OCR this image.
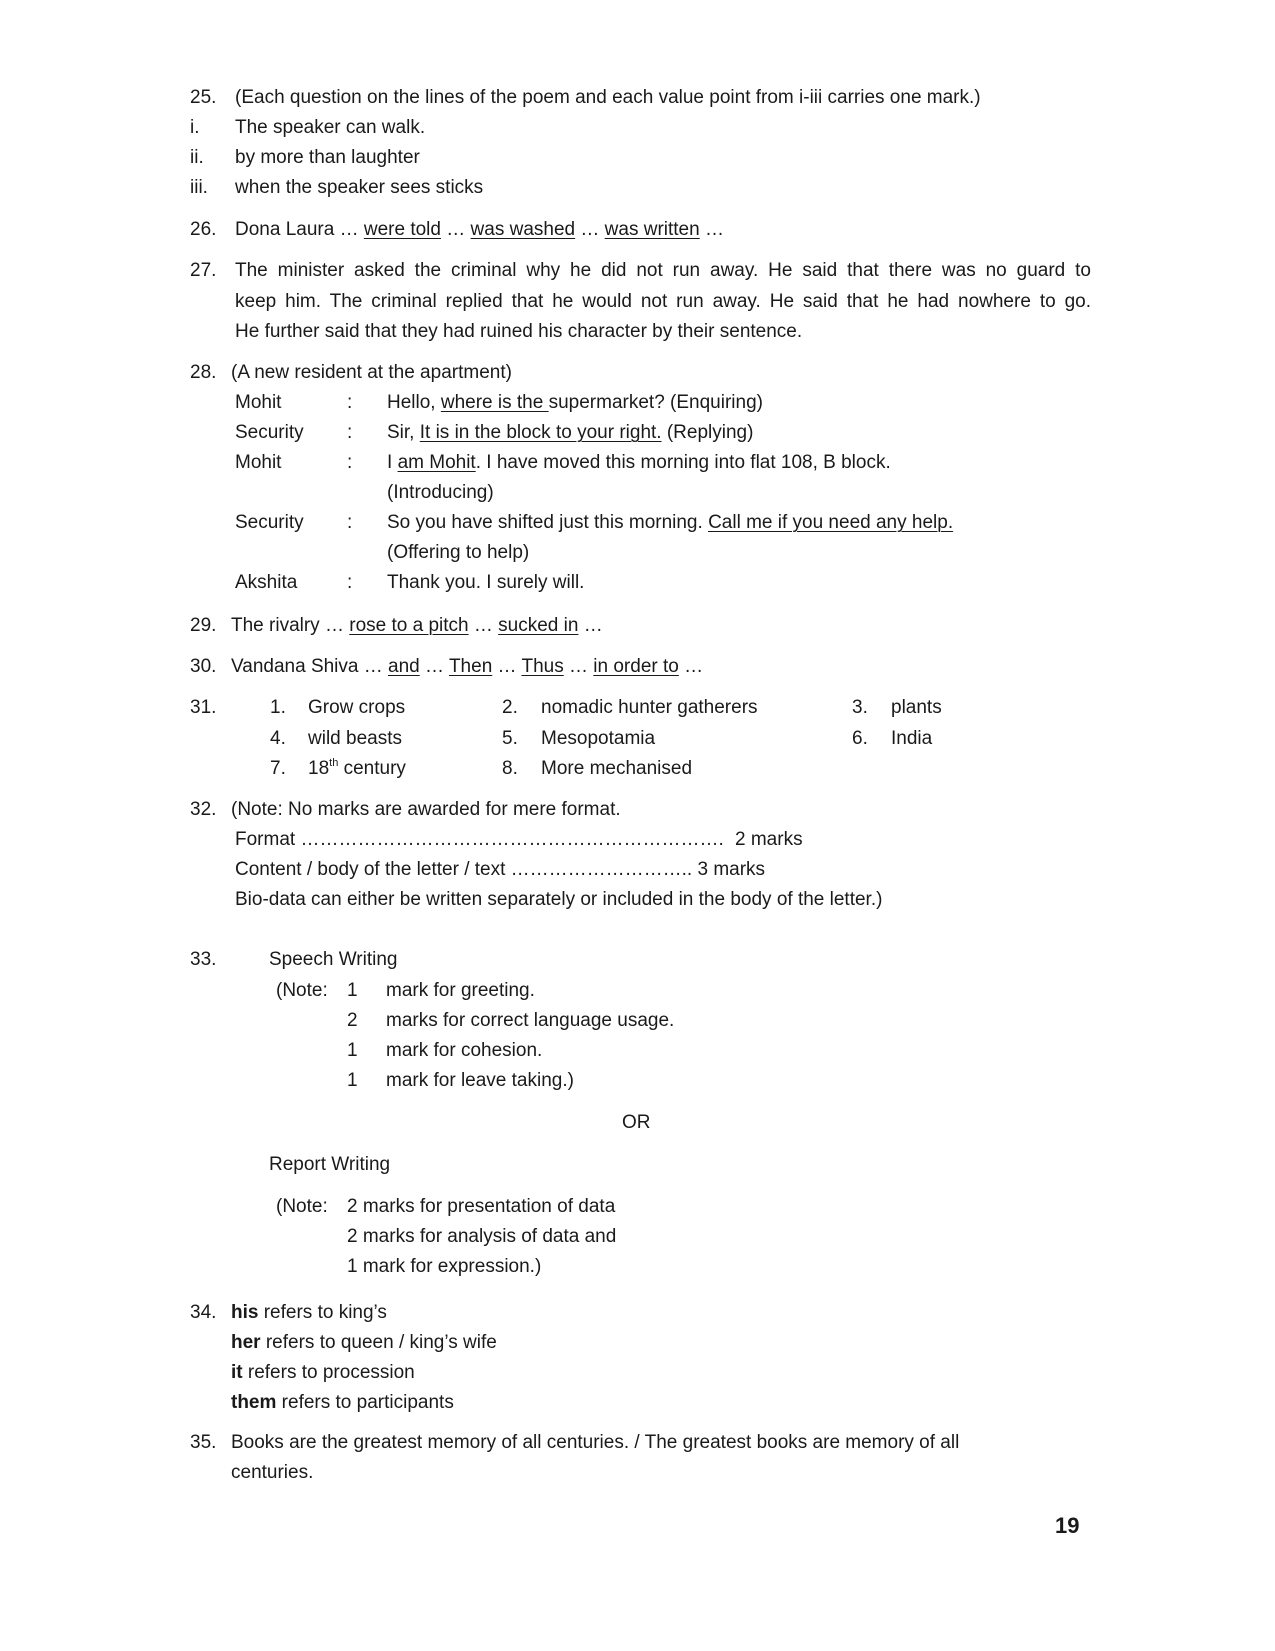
25. (Each question on the lines of the poem and each value point from i-iii carries one mark.)
i. The speaker can walk.
ii. by more than laughter
iii. when the speaker sees sticks
26. Dona Laura … were told … was washed … was written …
27. The minister asked the criminal why he did not run away. He said that there was no guard to
keep him. The criminal replied that he would not run away. He said that he had nowhere to go.
He further said that they had ruined his character by their sentence.
28. (A new resident at the apartment)
Mohit	: Hello, where is the supermarket? (Enquiring)
Security : Sir, It is in the block to your right. (Replying)
Mohit	: I am Mohit. I have moved this morning into flat 108, B block.
(Introducing)
Security : So you have shifted just this morning. Call me if you need any help.
(Offering to help)
Akshita	: Thank you. I surely will.
29. The rivalry … rose to a pitch … sucked in …
30. Vandana Shiva … and … Then … Thus … in order to …
31.	1. Grow crops	2. nomadic hunter gatherers	3. plants
4. wild beasts	5. Mesopotamia	6. India
7. 18th century	8. More mechanised
32. (Note: No marks are awarded for mere format.
Format …………………………………………………………. 2 marks
Content / body of the letter / text ……………………….. 3 marks
Bio-data can either be written separately or included in the body of the letter.)
33.	Speech Writing
(Note: 1 mark for greeting.
2 marks for correct language usage.
1 mark for cohesion.
1 mark for leave taking.)
OR
Report Writing
(Note: 2 marks for presentation of data
2 marks for analysis of data and
1 mark for expression.)
34. his refers to king’s
her refers to queen / king’s wife
it refers to procession
them refers to participants
35. Books are the greatest memory of all centuries. / The greatest books are memory of all
centuries.
19
